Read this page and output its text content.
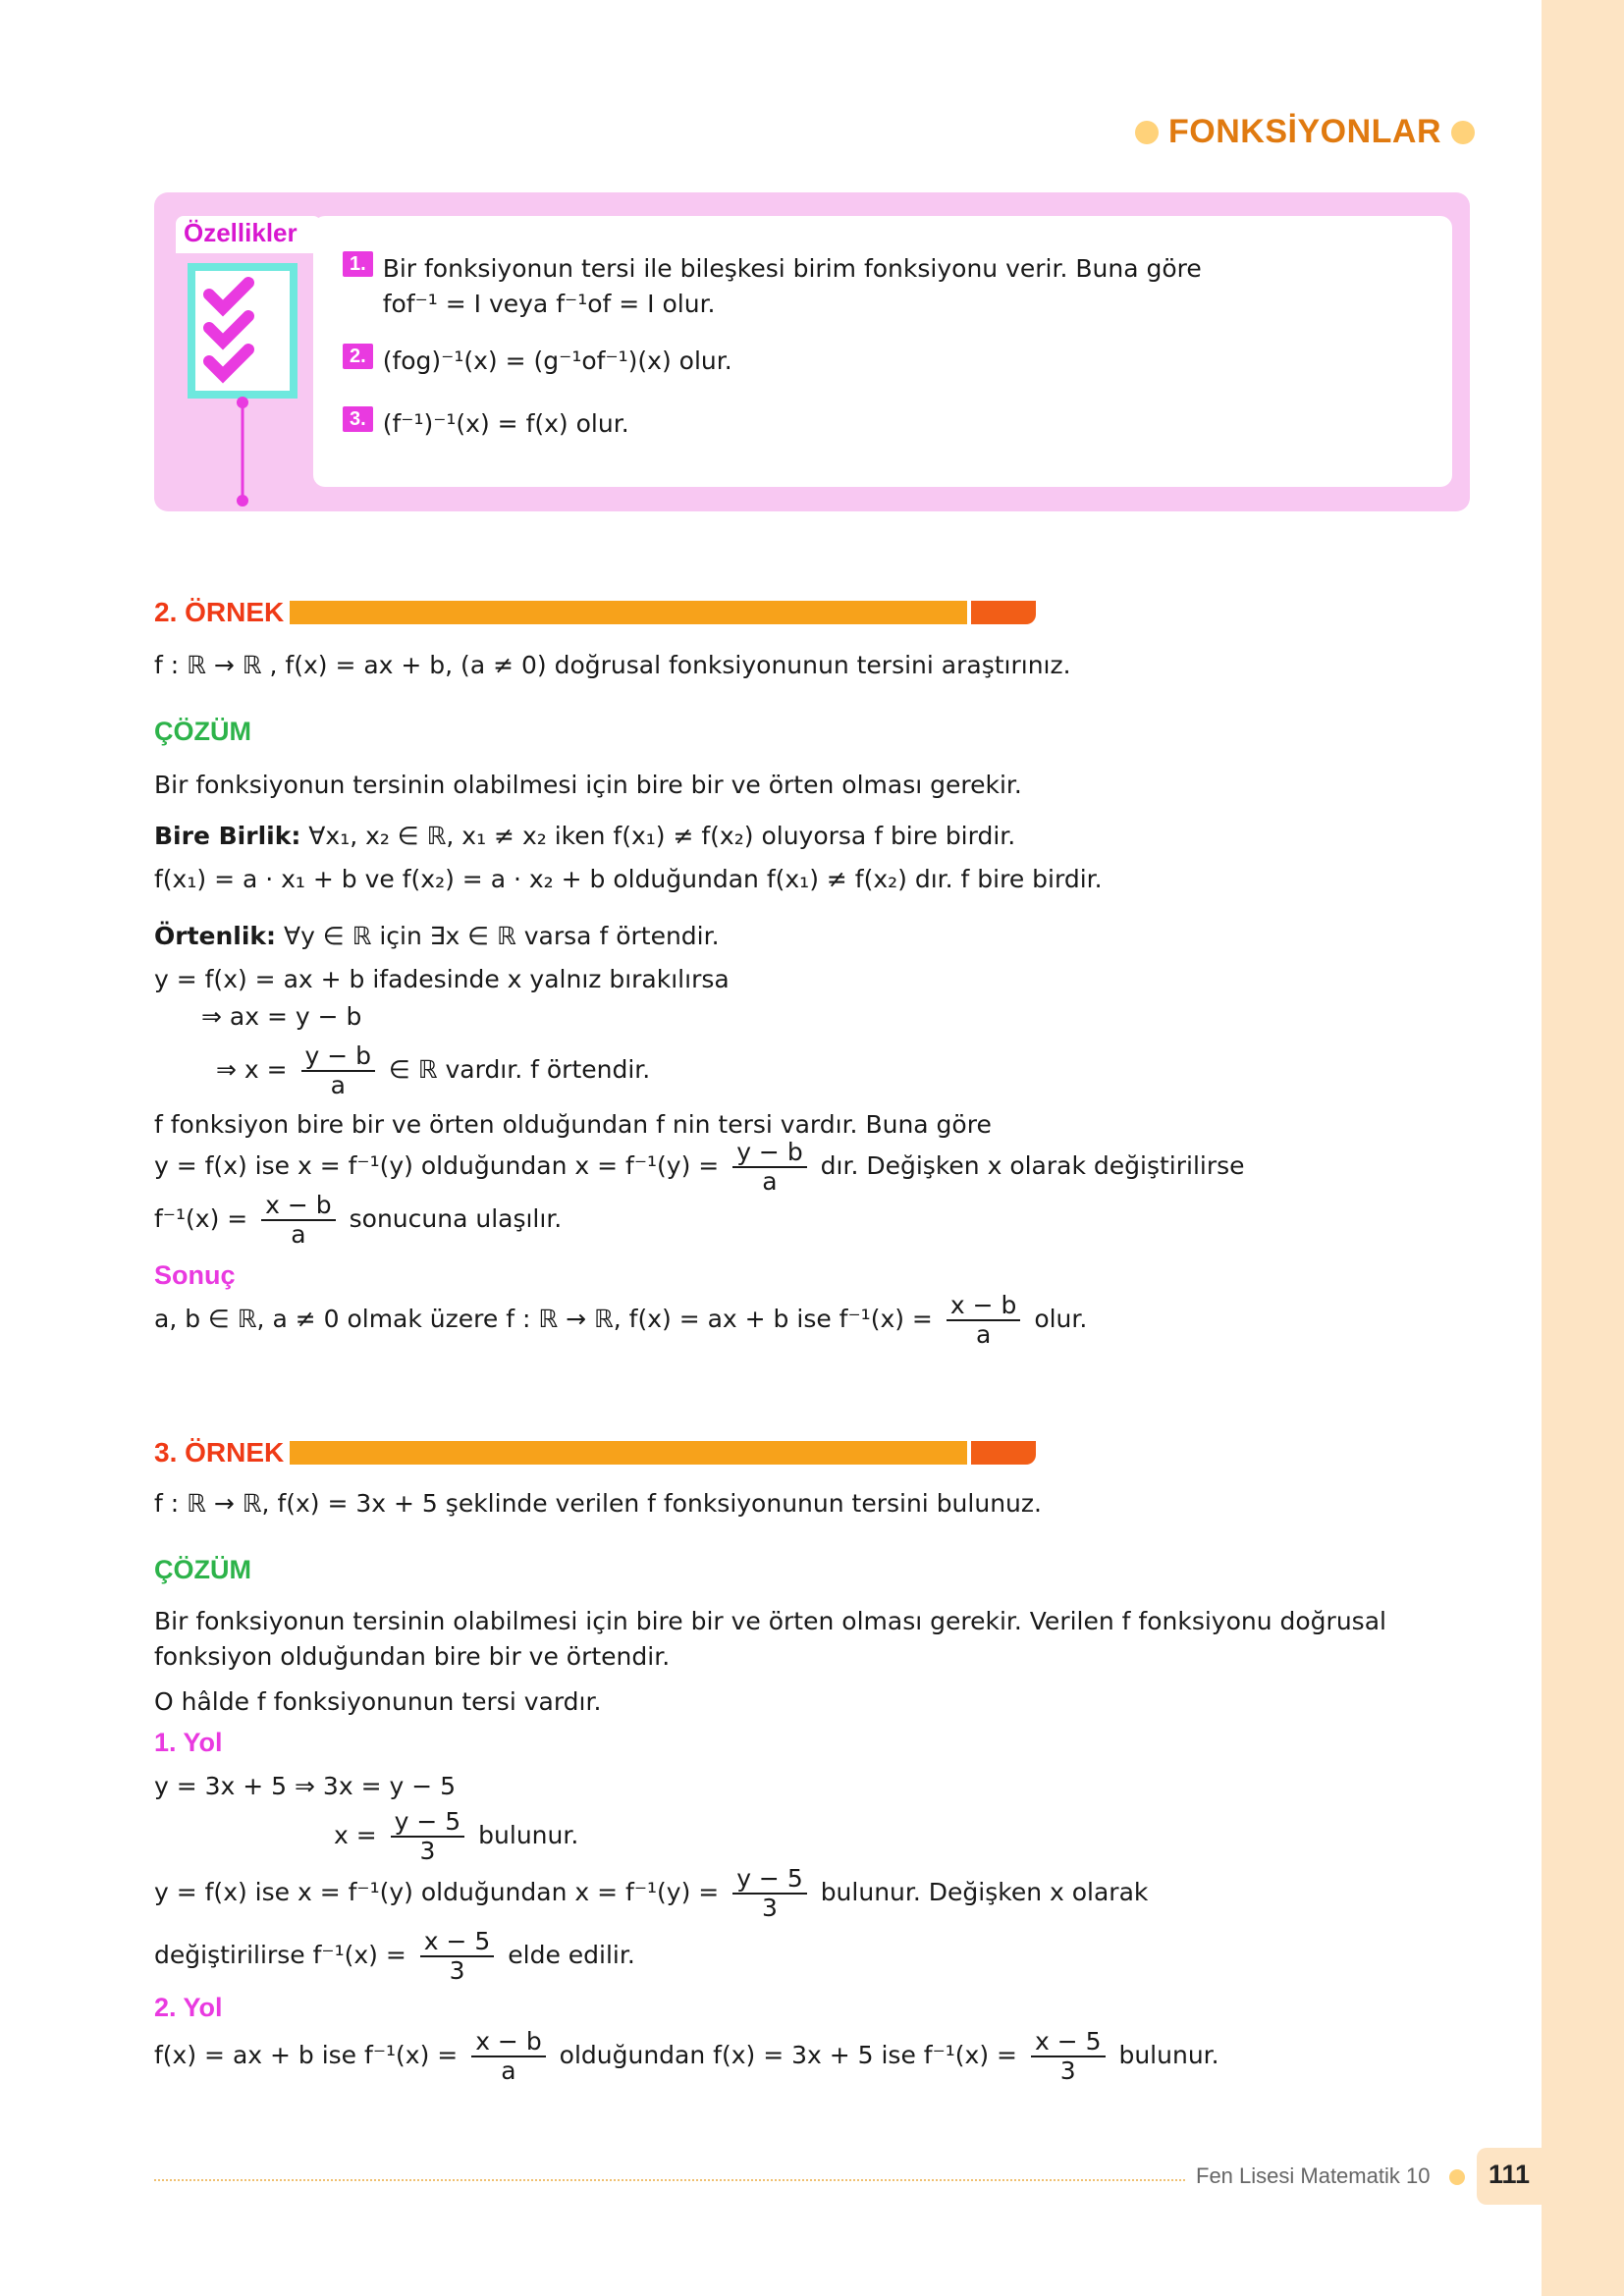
FONKSİYONLAR
Özellikler
1. Bir fonksiyonun tersi ile bileşkesi birim fonksiyonu verir. Buna göre
fof⁻¹ = I veya f⁻¹of = I olur.
2. (fog)⁻¹(x) = (g⁻¹of⁻¹)(x) olur.
3. (f⁻¹)⁻¹(x) = f(x) olur.
2. ÖRNEK
f : ℝ → ℝ , f(x) = ax + b, (a ≠ 0) doğrusal fonksiyonunun tersini araştırınız.
ÇÖZÜM
Bir fonksiyonun tersinin olabilmesi için bire bir ve örten olması gerekir.
Bire Birlik: ∀x₁, x₂ ∈ ℝ, x₁ ≠ x₂ iken f(x₁) ≠ f(x₂) oluyorsa f bire birdir.
f(x₁) = a · x₁ + b ve f(x₂) = a · x₂ + b olduğundan f(x₁) ≠ f(x₂) dır. f bire birdir.
Örtenlik: ∀y ∈ ℝ için ∃x ∈ ℝ varsa f örtendir.
y = f(x) = ax + b ifadesinde x yalnız bırakılırsa
⇒ ax = y − b
⇒ $x = \frac{y - b}{a}$ ∈ ℝ vardır. f örtendir.
f fonksiyon bire bir ve örten olduğundan f nin tersi vardır. Buna göre
y = f(x) ise x = f⁻¹(y) olduğundan $x = f^{-1}(y) = \frac{y - b}{a}$ dır. Değişken x olarak değiştirilirse
$f^{-1}(x) = \frac{x - b}{a}$ sonucuna ulaşılır.
Sonuç
a, b ∈ ℝ, a ≠ 0 olmak üzere f : ℝ → ℝ, f(x) = ax + b ise $f^{-1}(x) = \frac{x - b}{a}$ olur.
3. ÖRNEK
f : ℝ → ℝ, f(x) = 3x + 5 şeklinde verilen f fonksiyonunun tersini bulunuz.
ÇÖZÜM
Bir fonksiyonun tersinin olabilmesi için bire bir ve örten olması gerekir. Verilen f fonksiyonu doğrusal
fonksiyon olduğundan bire bir ve örtendir.
O hâlde f fonksiyonunun tersi vardır.
1. Yol
y = 3x + 5 ⇒ 3x = y − 5
$x = \frac{y - 5}{3}$ bulunur.
y = f(x) ise x = f⁻¹(y) olduğundan $x = f^{-1}(y) = \frac{y - 5}{3}$ bulunur. Değişken x olarak
değiştirilirse $f^{-1}(x) = \frac{x - 5}{3}$ elde edilir.
2. Yol
f(x) = ax + b ise $f^{-1}(x) = \frac{x - b}{a}$ olduğundan f(x) = 3x + 5 ise $f^{-1}(x) = \frac{x - 5}{3}$ bulunur.
Fen Lisesi Matematik 10 111
